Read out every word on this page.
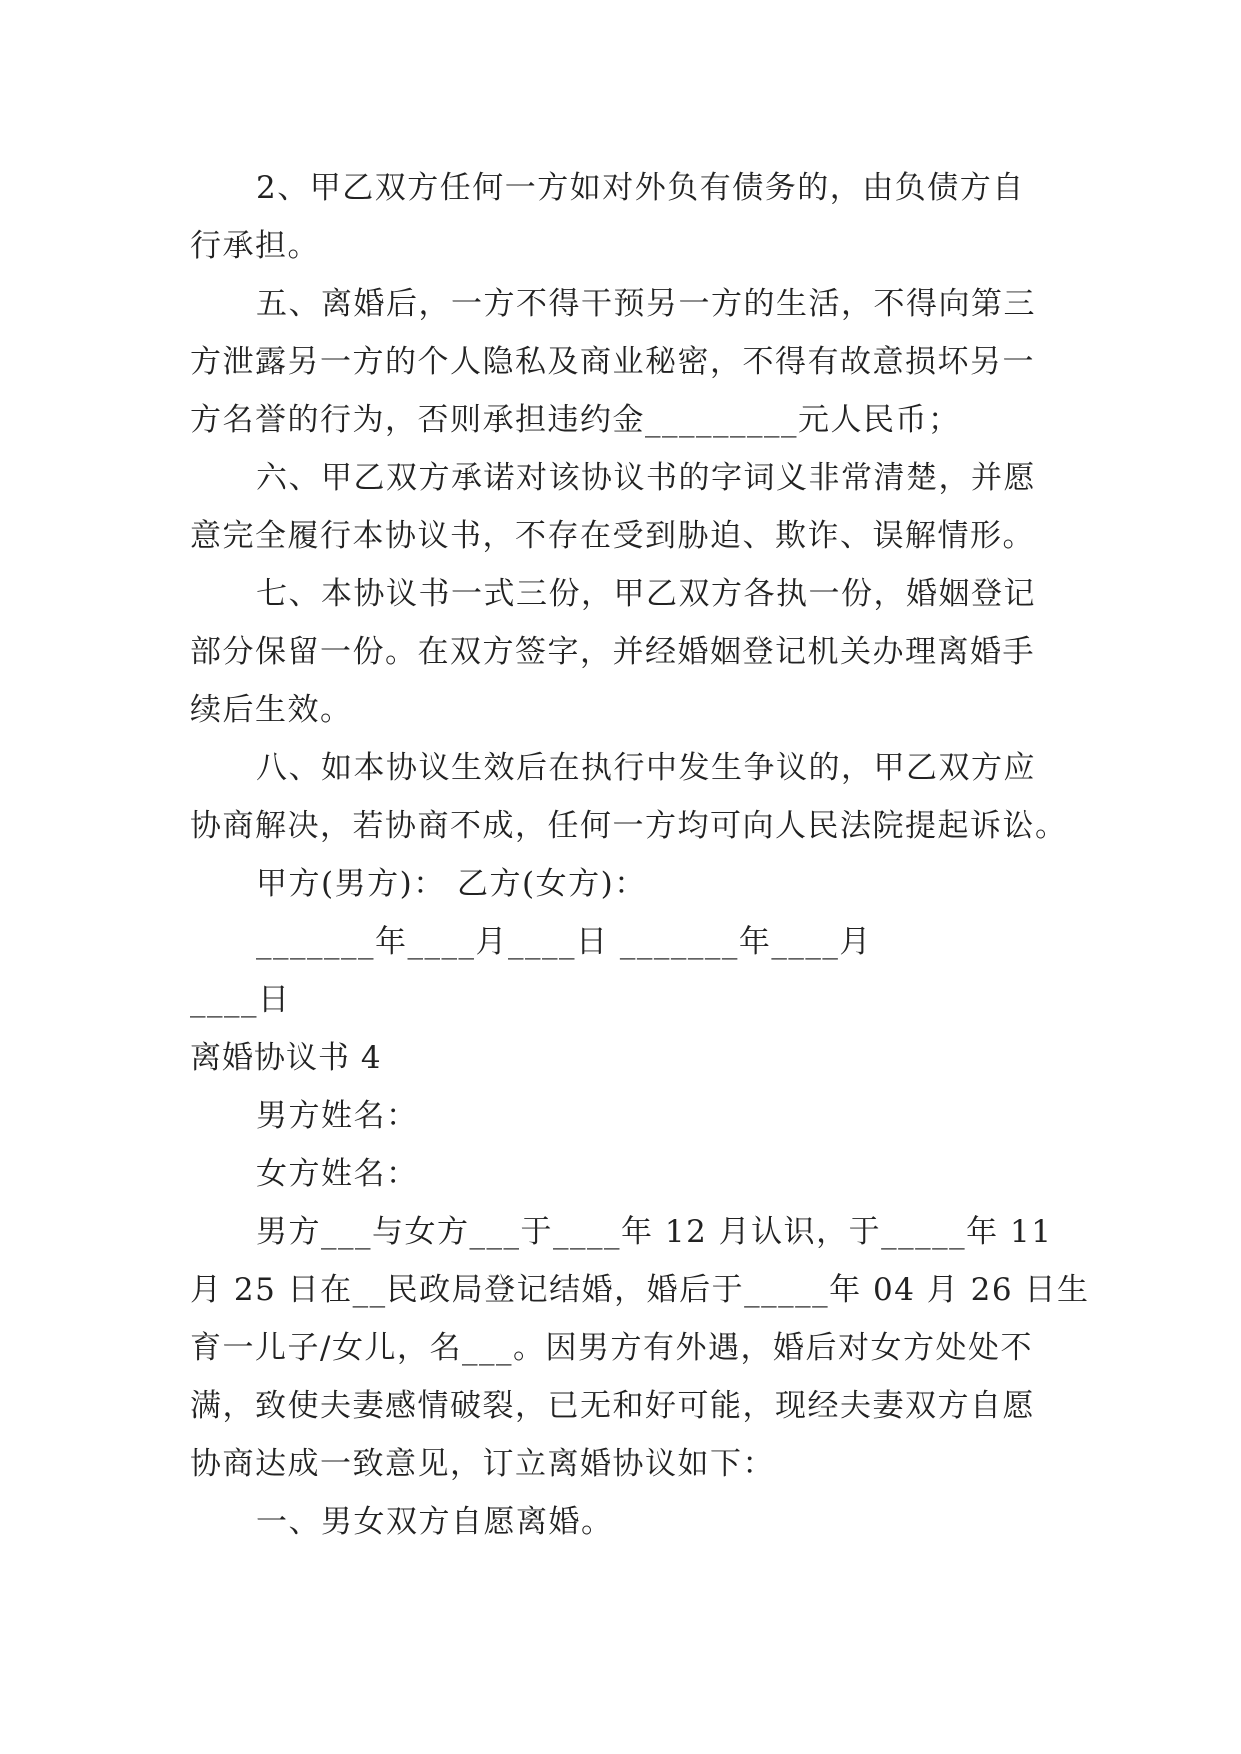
2、甲乙双方任何一方如对外负有债务的，由负债方自
行承担。
五、离婚后，一方不得干预另一方的生活，不得向第三
方泄露另一方的个人隐私及商业秘密，不得有故意损坏另一
方名誉的行为，否则承担违约金_________元人民币；
六、甲乙双方承诺对该协议书的字词义非常清楚，并愿
意完全履行本协议书，不存在受到胁迫、欺诈、误解情形。
七、本协议书一式三份，甲乙双方各执一份，婚姻登记
部分保留一份。在双方签字，并经婚姻登记机关办理离婚手
续后生效。
八、如本协议生效后在执行中发生争议的，甲乙双方应
协商解决，若协商不成，任何一方均可向人民法院提起诉讼。
甲方(男方)： 乙方(女方)：
_______年____月____日 _______年____月
____日
离婚协议书 4
男方姓名：
女方姓名：
男方___与女方___于____年 12 月认识，于_____年 11
月 25 日在__民政局登记结婚，婚后于_____年 04 月 26 日生
育一儿子/女儿，名___。因男方有外遇，婚后对女方处处不
满，致使夫妻感情破裂，已无和好可能，现经夫妻双方自愿
协商达成一致意见，订立离婚协议如下：
一、男女双方自愿离婚。
